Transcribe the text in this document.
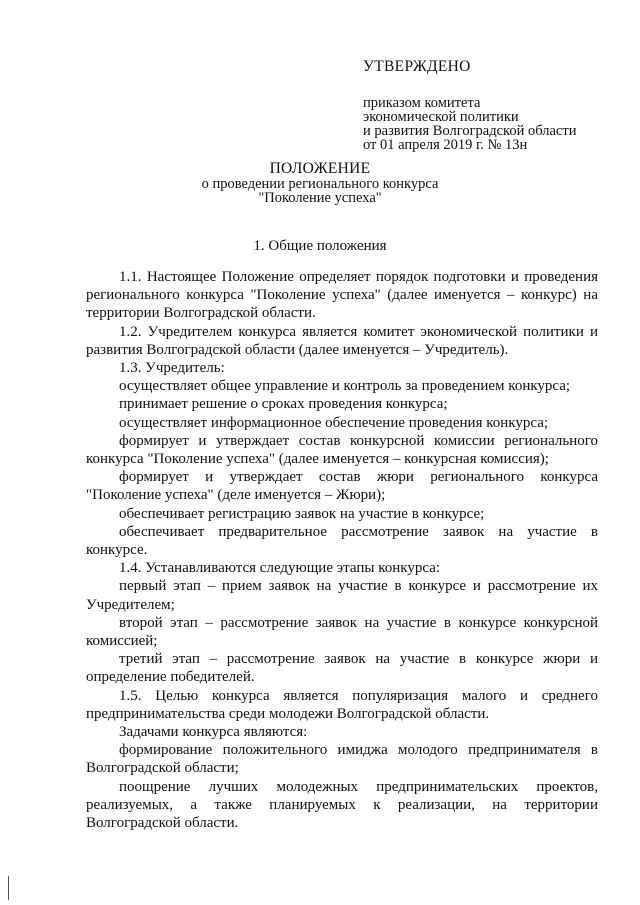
УТВЕРЖДЕНО
приказом комитета
экономической политики
и развития Волгоградской области
от 01 апреля 2019 г. № 13н
ПОЛОЖЕНИЕ
о проведении регионального конкурса
"Поколение успеха"
1. Общие положения

1.1. Настоящее Положение определяет порядок подготовки и проведения регионального конкурса "Поколение успеха" (далее именуется – конкурс) на территории Волгоградской области.

1.2. Учредителем конкурса является комитет экономической политики и развития Волгоградской области (далее именуется – Учредитель).

1.3. Учредитель:

осуществляет общее управление и контроль за проведением конкурса;

принимает решение о сроках проведения конкурса;

осуществляет информационное обеспечение проведения конкурса;

формирует и утверждает состав конкурсной комиссии регионального конкурса "Поколение успеха" (далее именуется – конкурсная комиссия);

формирует и утверждает состав жюри регионального конкурса "Поколение успеха" (деле именуется – Жюри);

обеспечивает регистрацию заявок на участие в конкурсе;

обеспечивает предварительное рассмотрение заявок на участие в конкурсе.

1.4. Устанавливаются следующие этапы конкурса:

первый этап – прием заявок на участие в конкурсе и рассмотрение их Учредителем;

второй этап – рассмотрение заявок на участие в конкурсе конкурсной комиссией;

третий этап – рассмотрение заявок на участие в конкурсе жюри и определение победителей.

1.5. Целью конкурса является популяризация малого и среднего предпринимательства среди молодежи Волгоградской области.

Задачами конкурса являются:

формирование положительного имиджа молодого предпринимателя в Волгоградской области;

поощрение лучших молодежных предпринимательских проектов, реализуемых, а также планируемых к реализации, на территории Волгоградской области.
